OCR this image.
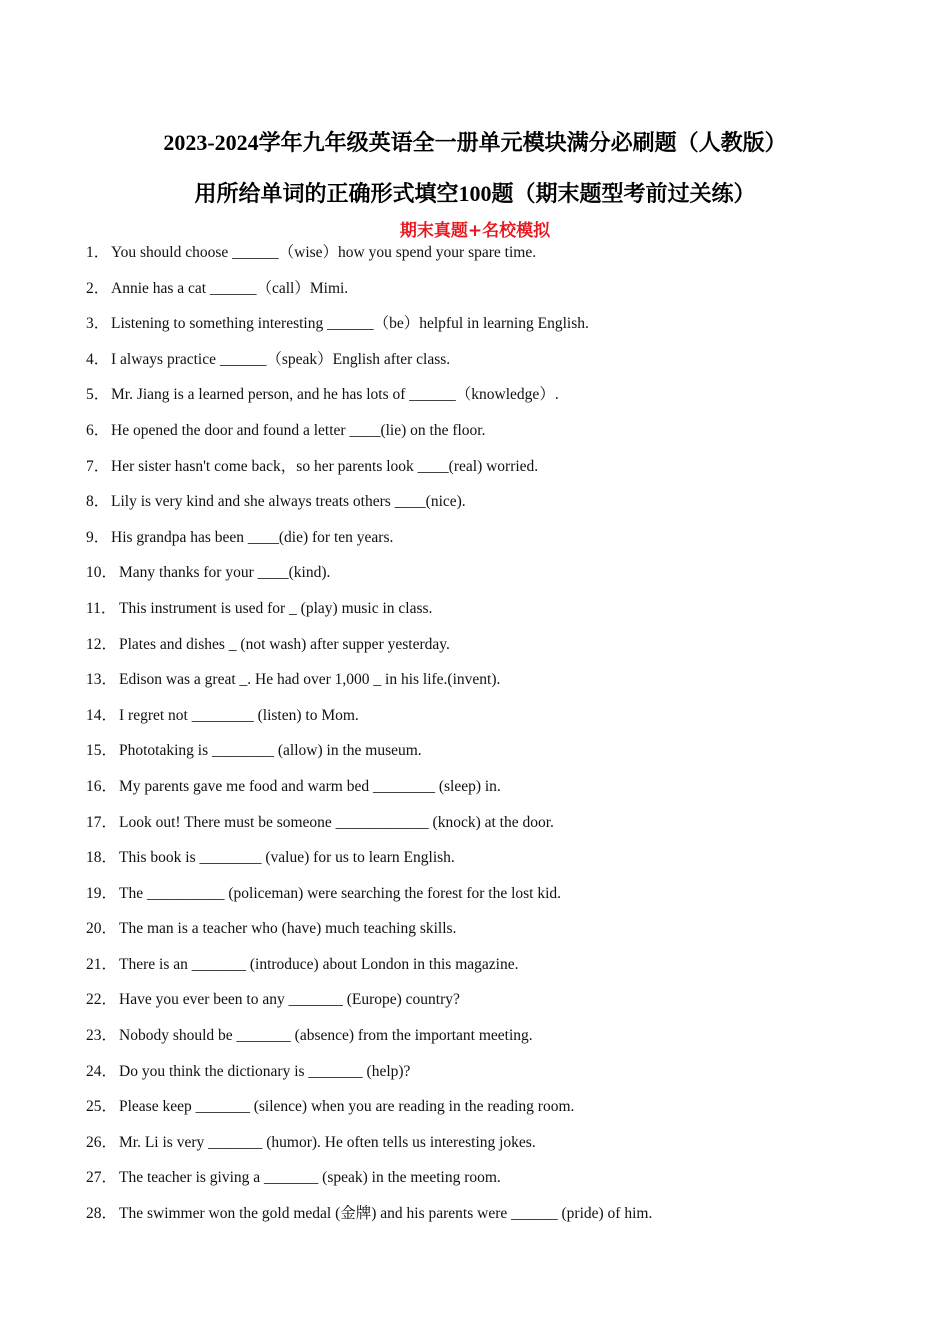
2023-2024学年九年级英语全一册单元模块满分必刷题（人教版）
用所给单词的正确形式填空100题（期末题型考前过关练）
期末真题+名校模拟
1． You should choose ______（wise）how you spend your spare time.
2． Annie has a cat ______（call）Mimi.
3． Listening to something interesting ______（be）helpful in learning English.
4． I always practice ______（speak）English after class.
5． Mr. Jiang is a learned person, and he has lots of ______（knowledge）.
6． He opened the door and found a letter ____(lie) on the floor.
7． Her sister hasn't come back，so her parents look ____(real) worried.
8． Lily is very kind and she always treats others ____(nice).
9． His grandpa has been ____(die) for ten years.
10． Many thanks for your ____(kind).
11． This instrument is used for _ (play) music in class.
12． Plates and dishes _ (not wash) after supper yesterday.
13． Edison was a great _. He had over 1,000 _ in his life.(invent).
14． I regret not ________ (listen) to Mom.
15． Phototaking is ________ (allow) in the museum.
16． My parents gave me food and warm bed ________ (sleep) in.
17． Look out! There must be someone ____________ (knock) at the door.
18． This book is ________ (value) for us to learn English.
19． The __________ (policeman) were searching the forest for the lost kid.
20． The man is a teacher who (have) much teaching skills.
21． There is an _______ (introduce) about London in this magazine.
22． Have you ever been to any _______ (Europe) country?
23． Nobody should be _______ (absence) from the important meeting.
24． Do you think the dictionary is _______ (help)?
25． Please keep _______ (silence) when you are reading in the reading room.
26． Mr. Li is very _______ (humor). He often tells us interesting jokes.
27． The teacher is giving a _______ (speak) in the meeting room.
28． The swimmer won the gold medal (金牌) and his parents were ______ (pride) of him.
